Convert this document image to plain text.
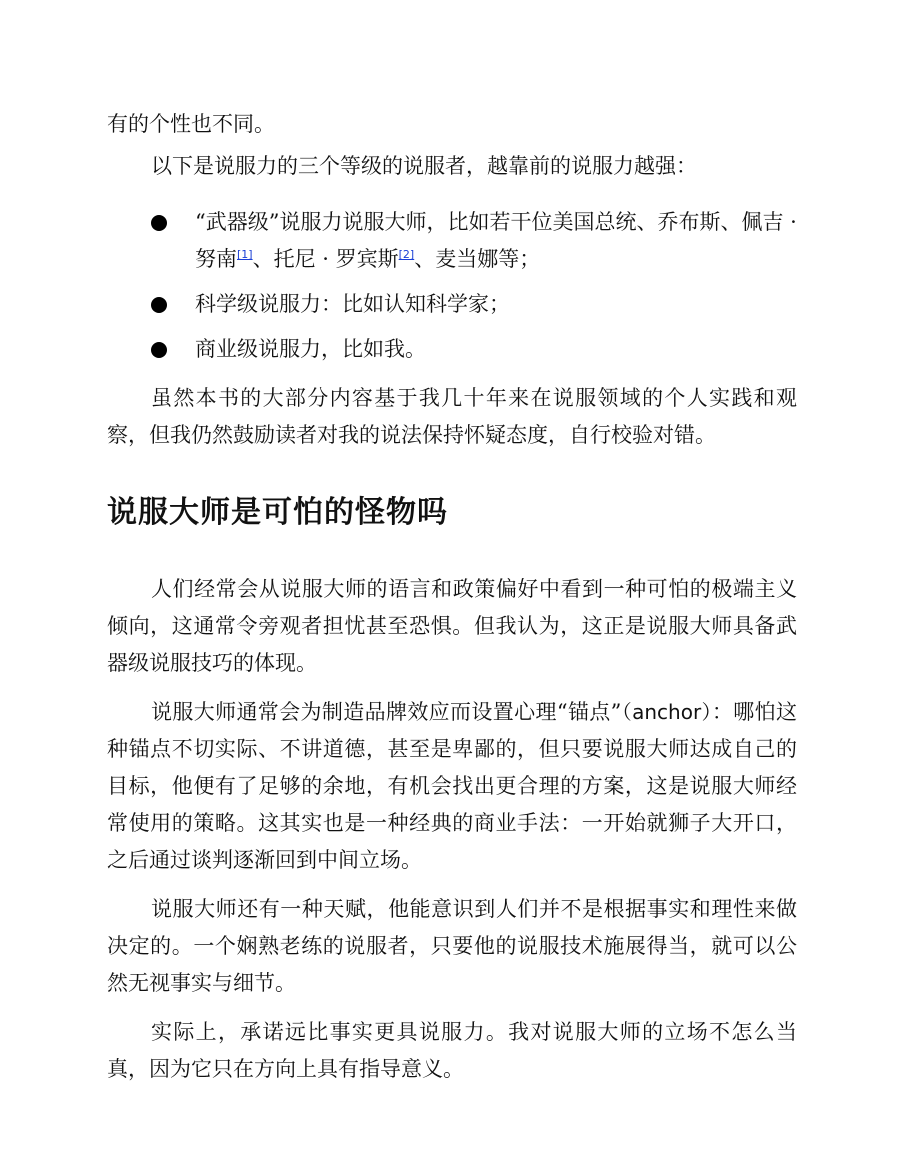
有的个性也不同。

以下是说服力的三个等级的说服者，越靠前的说服力越强：

“武器级”说服力说服大师，比如若干位美国总统、乔布斯、佩吉 · 努南[1]、托尼 · 罗宾斯[2]、麦当娜等；
科学级说服力：比如认知科学家；
商业级说服力，比如我。

虽然本书的大部分内容基于我几十年来在说服领域的个人实践和观察，但我仍然鼓励读者对我的说法保持怀疑态度，自行校验对错。

说服大师是可怕的怪物吗

人们经常会从说服大师的语言和政策偏好中看到一种可怕的极端主义倾向，这通常令旁观者担忧甚至恐惧。但我认为，这正是说服大师具备武器级说服技巧的体现。

说服大师通常会为制造品牌效应而设置心理“锚点”（anchor）：哪怕这种锚点不切实际、不讲道德，甚至是卑鄙的，但只要说服大师达成自己的目标，他便有了足够的余地，有机会找出更合理的方案，这是说服大师经常使用的策略。这其实也是一种经典的商业手法：一开始就狮子大开口，之后通过谈判逐渐回到中间立场。

说服大师还有一种天赋，他能意识到人们并不是根据事实和理性来做决定的。一个娴熟老练的说服者，只要他的说服技术施展得当，就可以公然无视事实与细节。

实际上，承诺远比事实更具说服力。我对说服大师的立场不怎么当真，因为它只在方向上具有指导意义。
